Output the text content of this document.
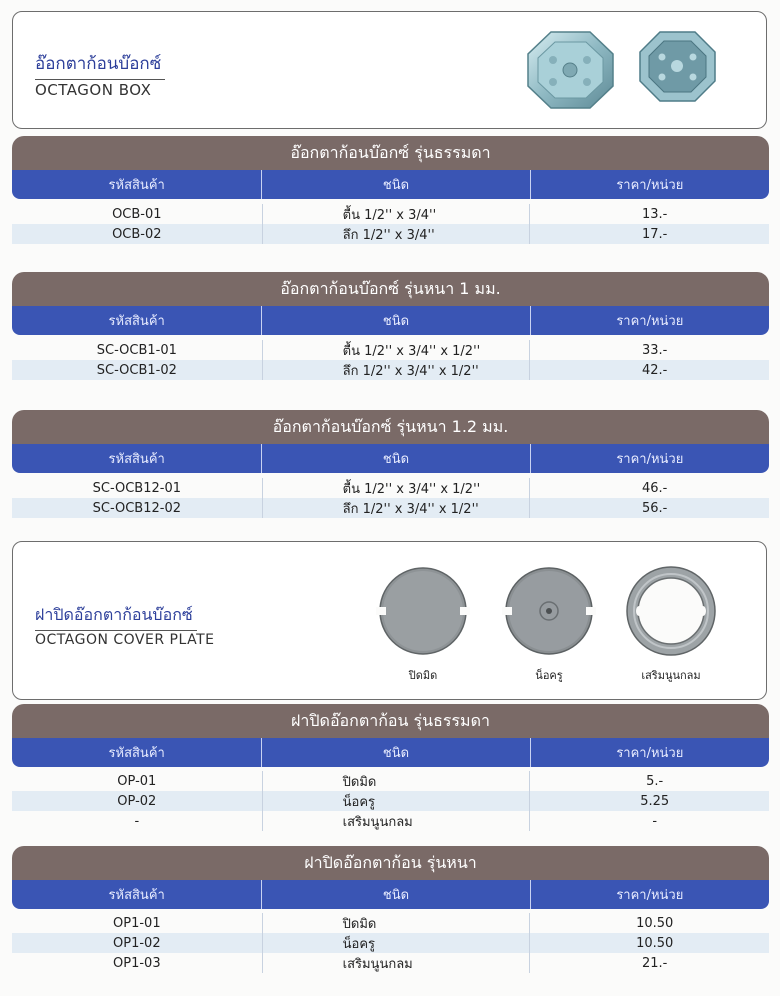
อ๊อกตาก้อนบ๊อกซ์
OCTAGON BOX
อ๊อกตาก้อนบ๊อกซ์ รุ่นธรรมดา
รหัสสินค้า	ชนิด	ราคา/หน่วย
OCB-01	ตื้น 1/2'' x 3/4''	13.-
OCB-02	ลึก 1/2'' x 3/4''	17.-
อ๊อกตาก้อนบ๊อกซ์ รุ่นหนา 1 มม.
รหัสสินค้า	ชนิด	ราคา/หน่วย
SC-OCB1-01	ตื้น 1/2'' x 3/4'' x 1/2''	33.-
SC-OCB1-02	ลึก 1/2'' x 3/4'' x 1/2''	42.-
อ๊อกตาก้อนบ๊อกซ์ รุ่นหนา 1.2 มม.
รหัสสินค้า	ชนิด	ราคา/หน่วย
SC-OCB12-01	ตื้น 1/2'' x 3/4'' x 1/2''	46.-
SC-OCB12-02	ลึก 1/2'' x 3/4'' x 1/2''	56.-
ฝาปิดอ๊อกตาก้อนบ๊อกซ์
OCTAGON COVER PLATE
ปิดมิด	น็อครู	เสริมนูนกลม
ฝาปิดอ๊อกตาก้อน รุ่นธรรมดา
รหัสสินค้า	ชนิด	ราคา/หน่วย
OP-01	ปิดมิด	5.-
OP-02	น็อครู	5.25
-	เสริมนูนกลม	-
ฝาปิดอ๊อกตาก้อน รุ่นหนา
รหัสสินค้า	ชนิด	ราคา/หน่วย
OP1-01	ปิดมิด	10.50
OP1-02	น็อครู	10.50
OP1-03	เสริมนูนกลม	21.-
